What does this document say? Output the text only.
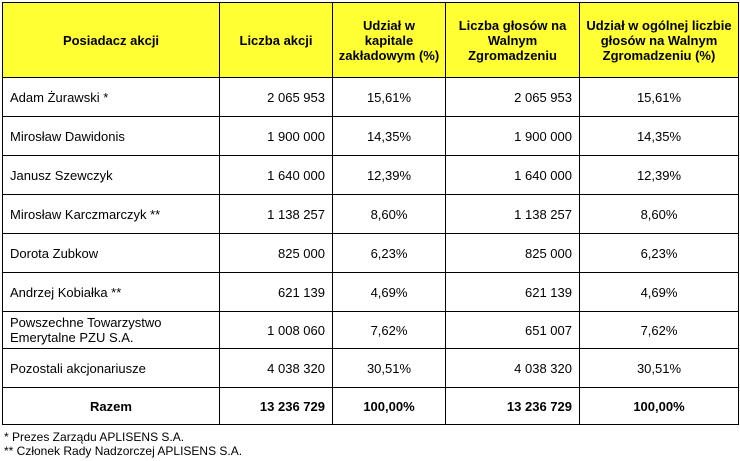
Posiadacz akcji	Liczba akcji	Udział w kapitale zakładowym (%)	Liczba głosów na Walnym Zgromadzeniu	Udział w ogólnej liczbie głosów na Walnym Zgromadzeniu (%)
Adam Żurawski *	2 065 953	15,61%	2 065 953	15,61%
Mirosław Dawidonis	1 900 000	14,35%	1 900 000	14,35%
Janusz Szewczyk	1 640 000	12,39%	1 640 000	12,39%
Mirosław Karczmarczyk **	1 138 257	8,60%	1 138 257	8,60%
Dorota Zubkow	825 000	6,23%	825 000	6,23%
Andrzej Kobiałka **	621 139	4,69%	621 139	4,69%
Powszechne Towarzystwo Emerytalne PZU S.A.	1 008 060	7,62%	651 007	7,62%
Pozostali akcjonariusze	4 038 320	30,51%	4 038 320	30,51%
Razem	13 236 729	100,00%	13 236 729	100,00%
* Prezes Zarządu APLISENS S.A.
** Członek Rady Nadzorczej APLISENS S.A.
